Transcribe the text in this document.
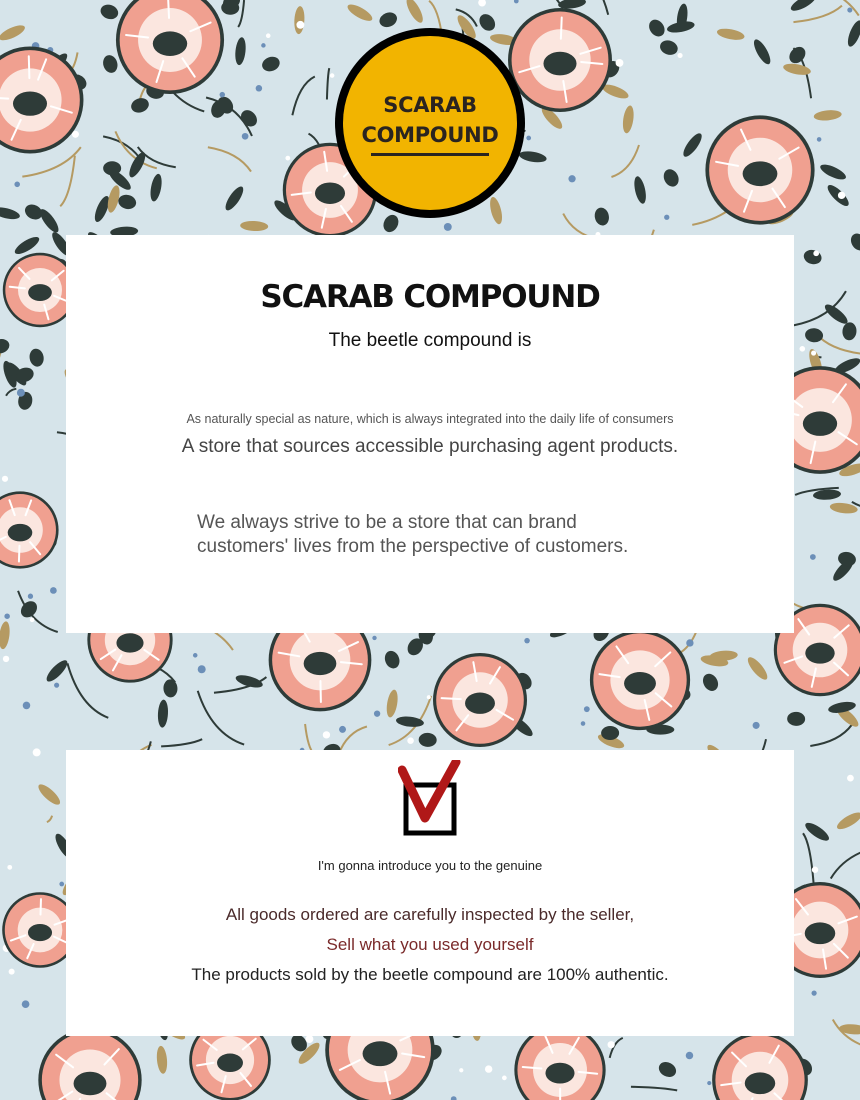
SCARAB
COMPOUND
SCARAB COMPOUND
The beetle compound is
As naturally special as nature, which is always integrated into the daily life of consumers
A store that sources accessible purchasing agent products.
We always strive to be a store that can brand
customers' lives from the perspective of customers.
I'm gonna introduce you to the genuine
All goods ordered are carefully inspected by the seller,
Sell what you used yourself
The products sold by the beetle compound are 100% authentic.
